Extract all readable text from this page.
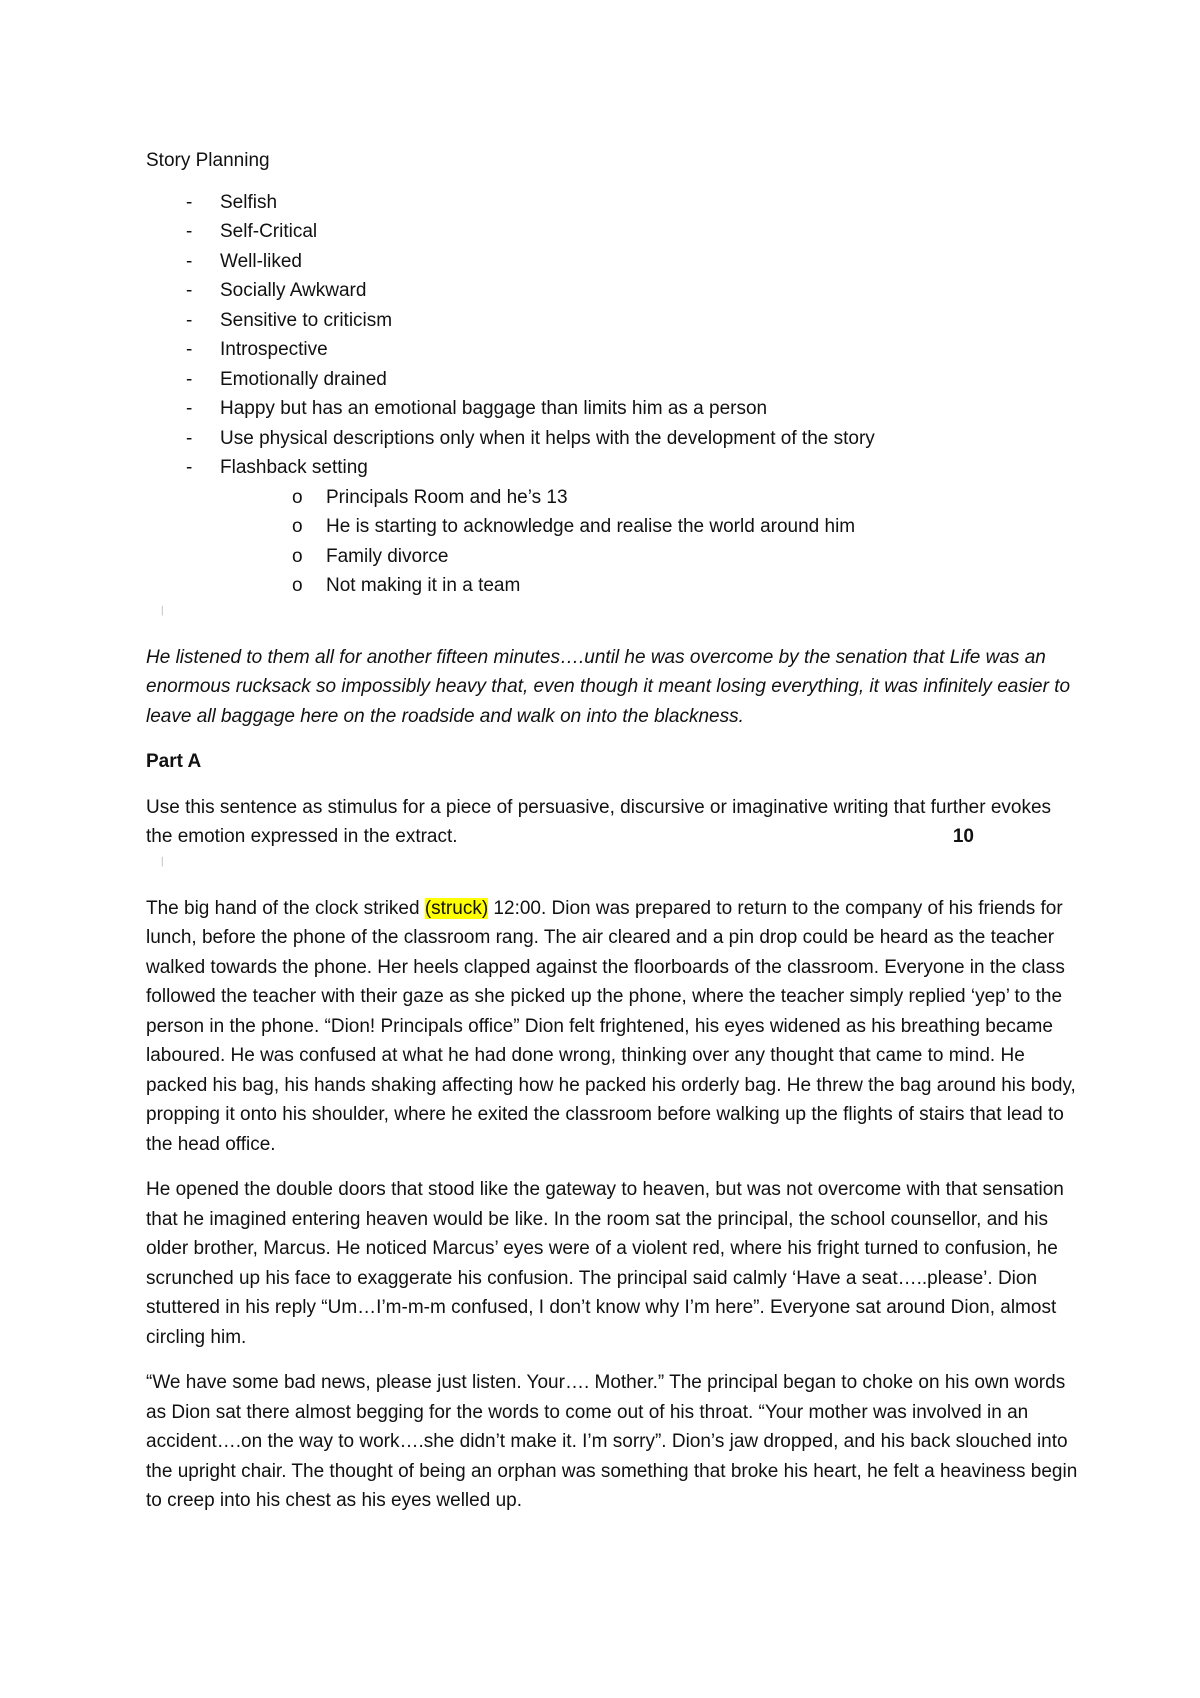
Story Planning
- Selfish
- Self-Critical
- Well-liked
- Socially Awkward
- Sensitive to criticism
- Introspective
- Emotionally drained
- Happy but has an emotional baggage than limits him as a person
- Use physical descriptions only when it helps with the development of the story
- Flashback setting
o Principals Room and he’s 13
o He is starting to acknowledge and realise the world around him
o Family divorce
o Not making it in a team
│

He listened to them all for another fifteen minutes….until he was overcome by the senation that Life was an enormous rucksack so impossibly heavy that, even though it meant losing everything, it was infinitely easier to leave all baggage here on the roadside and walk on into the blackness.

Part A

Use this sentence as stimulus for a piece of persuasive, discursive or imaginative writing that further evokes the emotion expressed in the extract.	10

│

The big hand of the clock striked (struck) 12:00. Dion was prepared to return to the company of his friends for lunch, before the phone of the classroom rang. The air cleared and a pin drop could be heard as the teacher walked towards the phone. Her heels clapped against the floorboards of the classroom. Everyone in the class followed the teacher with their gaze as she picked up the phone, where the teacher simply replied ‘yep’ to the person in the phone. “Dion! Principals office” Dion felt frightened, his eyes widened as his breathing became laboured. He was confused at what he had done wrong, thinking over any thought that came to mind. He packed his bag, his hands shaking affecting how he packed his orderly bag. He threw the bag around his body, propping it onto his shoulder, where he exited the classroom before walking up the flights of stairs that lead to the head office.

He opened the double doors that stood like the gateway to heaven, but was not overcome with that sensation that he imagined entering heaven would be like. In the room sat the principal, the school counsellor, and his older brother, Marcus. He noticed Marcus’ eyes were of a violent red, where his fright turned to confusion, he scrunched up his face to exaggerate his confusion. The principal said calmly ‘Have a seat…..please’. Dion stuttered in his reply “Um…I’m-m-m confused, I don’t know why I’m here”. Everyone sat around Dion, almost circling him.

“We have some bad news, please just listen. Your…. Mother.” The principal began to choke on his own words as Dion sat there almost begging for the words to come out of his throat. “Your mother was involved in an accident….on the way to work….she didn’t make it. I’m sorry”. Dion’s jaw dropped, and his back slouched into the upright chair. The thought of being an orphan was something that broke his heart, he felt a heaviness begin to creep into his chest as his eyes welled up.
